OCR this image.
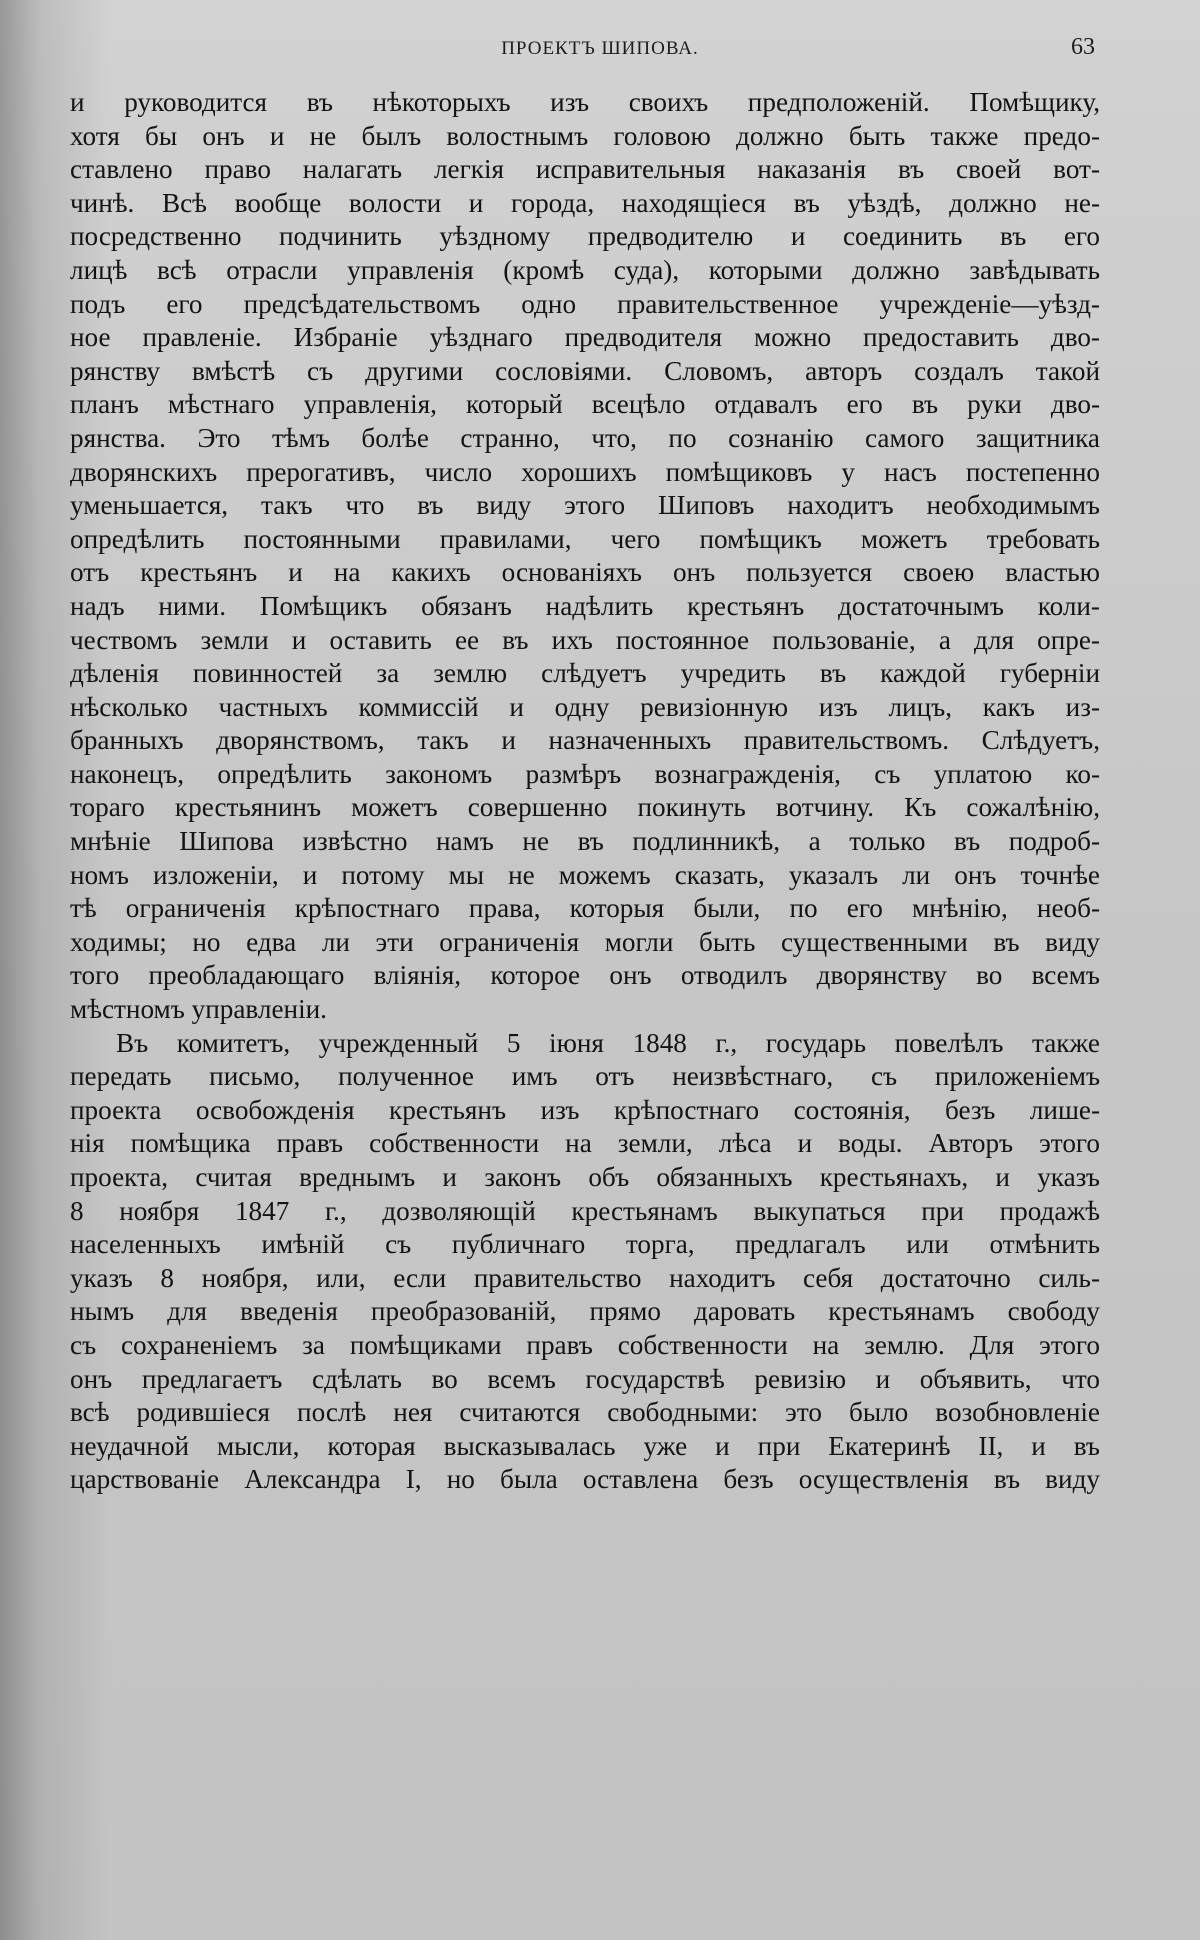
ПРОЕКТЪ ШИПОВА.	63
и руководится въ нѣкоторыхъ изъ своихъ предположеній. Помѣщику,
хотя бы онъ и не былъ волостнымъ головою должно быть также предо-
ставлено право налагать легкія исправительныя наказанія въ своей вот-
чинѣ. Всѣ вообще волости и города, находящіеся въ уѣздѣ, должно не-
посредственно подчинить уѣздному предводителю и соединить въ его
лицѣ всѣ отрасли управленія (кромѣ суда), которыми должно завѣдывать
подъ его предсѣдательствомъ одно правительственное учрежденіе—уѣзд-
ное правленіе. Избраніе уѣзднаго предводителя можно предоставить дво-
рянству вмѣстѣ съ другими сословіями. Словомъ, авторъ создалъ такой
планъ мѣстнаго управленія, который всецѣло отдавалъ его въ руки дво-
рянства. Это тѣмъ болѣе странно, что, по сознанію самого защитника
дворянскихъ прерогативъ, число хорошихъ помѣщиковъ у насъ постепенно
уменьшается, такъ что въ виду этого Шиповъ находитъ необходимымъ
опредѣлить постоянными правилами, чего помѣщикъ можетъ требовать
отъ крестьянъ и на какихъ основаніяхъ онъ пользуется своею властью
надъ ними. Помѣщикъ обязанъ надѣлить крестьянъ достаточнымъ коли-
чествомъ земли и оставить ее въ ихъ постоянное пользованіе, а для опре-
дѣленія повинностей за землю слѣдуетъ учредить въ каждой губерніи
нѣсколько частныхъ коммиссій и одну ревизіонную изъ лицъ, какъ из-
бранныхъ дворянствомъ, такъ и назначенныхъ правительствомъ. Слѣдуетъ,
наконецъ, опредѣлить закономъ размѣръ вознагражденія, съ уплатою ко-
тораго крестьянинъ можетъ совершенно покинуть вотчину. Къ сожалѣнію,
мнѣніе Шипова извѣстно намъ не въ подлинникѣ, а только въ подроб-
номъ изложеніи, и потому мы не можемъ сказать, указалъ ли онъ точнѣе
тѣ ограниченія крѣпостнаго права, которыя были, по его мнѣнію, необ-
ходимы; но едва ли эти ограниченія могли быть существенными въ виду
того преобладающаго вліянія, которое онъ отводилъ дворянству во всемъ
мѣстномъ управленіи.
Въ комитетъ, учрежденный 5 іюня 1848 г., государь повелѣлъ также
передать письмо, полученное имъ отъ неизвѣстнаго, съ приложеніемъ
проекта освобожденія крестьянъ изъ крѣпостнаго состоянія, безъ лише-
нія помѣщика правъ собственности на земли, лѣса и воды. Авторъ этого
проекта, считая вреднымъ и законъ объ обязанныхъ крестьянахъ, и указъ
8 ноября 1847 г., дозволяющій крестьянамъ выкупаться при продажѣ
населенныхъ имѣній съ публичнаго торга, предлагалъ или отмѣнить
указъ 8 ноября, или, если правительство находитъ себя достаточно силь-
нымъ для введенія преобразованій, прямо даровать крестьянамъ свободу
съ сохраненіемъ за помѣщиками правъ собственности на землю. Для этого
онъ предлагаетъ сдѣлать во всемъ государствѣ ревизію и объявить, что
всѣ родившіеся послѣ нея считаются свободными: это было возобновленіе
неудачной мысли, которая высказывалась уже и при Екатеринѣ II, и въ
царствованіе Александра I, но была оставлена безъ осуществленія въ виду
